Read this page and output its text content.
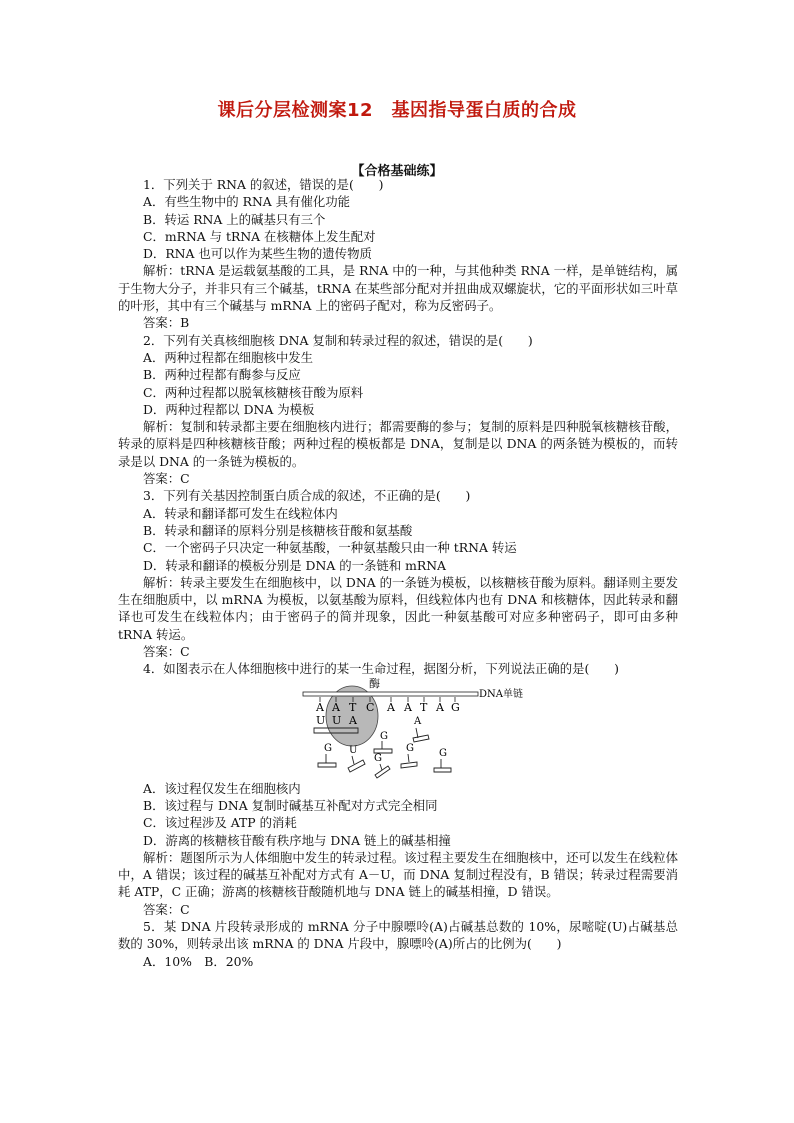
课后分层检测案12　基因指导蛋白质的合成
【合格基础练】
1．下列关于 RNA 的叙述，错误的是(　　)
A．有些生物中的 RNA 具有催化功能
B．转运 RNA 上的碱基只有三个
C．mRNA 与 tRNA 在核糖体上发生配对
D．RNA 也可以作为某些生物的遗传物质
解析：tRNA 是运载氨基酸的工具，是 RNA 中的一种，与其他种类 RNA 一样，是单链结构，属于生物大分子，并非只有三个碱基，tRNA 在某些部分配对并扭曲成双螺旋状，它的平面形状如三叶草的叶形，其中有三个碱基与 mRNA 上的密码子配对，称为反密码子。
答案：B
2．下列有关真核细胞核 DNA 复制和转录过程的叙述，错误的是(　　)
A．两种过程都在细胞核中发生
B．两种过程都有酶参与反应
C．两种过程都以脱氧核糖核苷酸为原料
D．两种过程都以 DNA 为模板
解析：复制和转录都主要在细胞核内进行；都需要酶的参与；复制的原料是四种脱氧核糖核苷酸，转录的原料是四种核糖核苷酸；两种过程的模板都是 DNA，复制是以 DNA 的两条链为模板的，而转录是以 DNA 的一条链为模板的。
答案：C
3．下列有关基因控制蛋白质合成的叙述，不正确的是(　　)
A．转录和翻译都可发生在线粒体内
B．转录和翻译的原料分别是核糖核苷酸和氨基酸
C．一个密码子只决定一种氨基酸，一种氨基酸只由一种 tRNA 转运
D．转录和翻译的模板分别是 DNA 的一条链和 mRNA
解析：转录主要发生在细胞核中，以 DNA 的一条链为模板，以核糖核苷酸为原料。翻译则主要发生在细胞质中，以 mRNA 为模板，以氨基酸为原料，但线粒体内也有 DNA 和核糖体，因此转录和翻译也可发生在线粒体内；由于密码子的简并现象，因此一种氨基酸可对应多种密码子，即可由多种 tRNA 转运。
答案：C
4．如图表示在人体细胞核中进行的某一生命过程，据图分析，下列说法正确的是(　　)
酶
DNA单链
A A T C A A T A G
U U A	A
G
G U	G
G	G
A．该过程仅发生在细胞核内
B．该过程与 DNA 复制时碱基互补配对方式完全相同
C．该过程涉及 ATP 的消耗
D．游离的核糖核苷酸有秩序地与 DNA 链上的碱基相撞
解析：题图所示为人体细胞中发生的转录过程。该过程主要发生在细胞核中，还可以发生在线粒体中，A 错误；该过程的碱基互补配对方式有 A－U，而 DNA 复制过程没有，B 错误；转录过程需要消耗 ATP，C 正确；游离的核糖核苷酸随机地与 DNA 链上的碱基相撞，D 错误。
答案：C
5．某 DNA 片段转录形成的 mRNA 分子中腺嘌呤(A)占碱基总数的 10%，尿嘧啶(U)占碱基总数的 30%，则转录出该 mRNA 的 DNA 片段中，腺嘌呤(A)所占的比例为(　　)
A．10%　B．20%
